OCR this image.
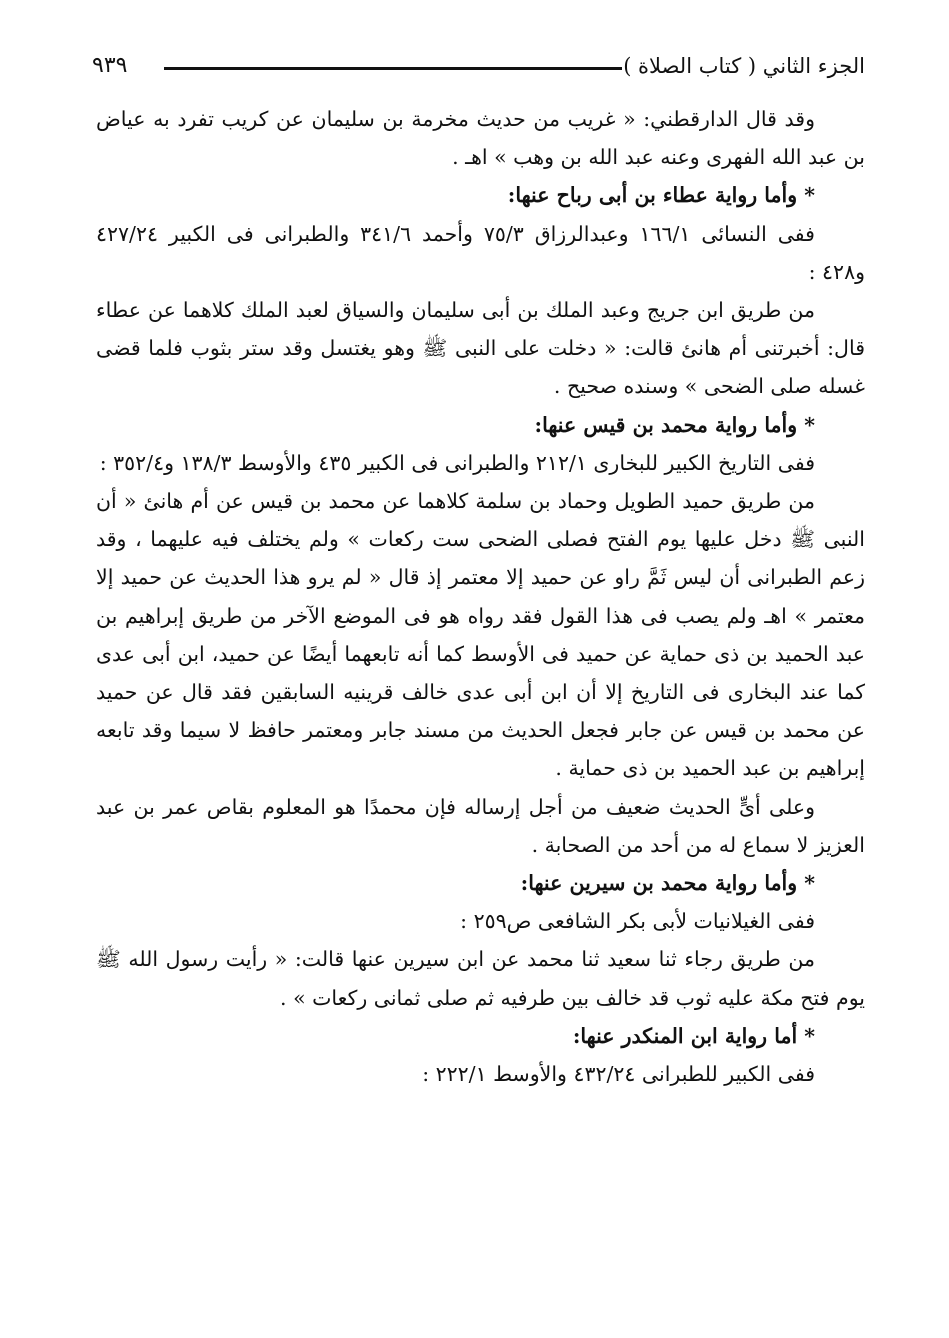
الجزء الثاني ( كتاب الصلاة )
٩٣٩

وقد قال الدارقطني: « غريب من حديث مخرمة بن سليمان عن كريب تفرد به عياض بن عبد الله الفهرى وعنه عبد الله بن وهب » اهـ .

* وأما رواية عطاء بن أبى رباح عنها:

ففى النسائى ١٦٦/١ وعبدالرزاق ٧٥/٣ وأحمد ٣٤١/٦ والطبرانى فى الكبير ٤٢٧/٢٤ و٤٢٨ :

من طريق ابن جريج وعبد الملك بن أبى سليمان والسياق لعبد الملك كلاهما عن عطاء قال: أخبرتنى أم هانئ قالت: « دخلت على النبى ﷺ وهو يغتسل وقد ستر بثوب فلما قضى غسله صلى الضحى » وسنده صحيح .

* وأما رواية محمد بن قيس عنها:

ففى التاريخ الكبير للبخارى ٢١٢/١ والطبرانى فى الكبير ٤٣٥ والأوسط ١٣٨/٣ و٣٥٢/٤ :

من طريق حميد الطويل وحماد بن سلمة كلاهما عن محمد بن قيس عن أم هانئ « أن النبى ﷺ دخل عليها يوم الفتح فصلى الضحى ست ركعات » ولم يختلف فيه عليهما ، وقد زعم الطبرانى أن ليس ثَمَّ راو عن حميد إلا معتمر إذ قال « لم يرو هذا الحديث عن حميد إلا معتمر » اهـ ولم يصب فى هذا القول فقد رواه هو فى الموضع الآخر من طريق إبراهيم بن عبد الحميد بن ذى حماية عن حميد فى الأوسط كما أنه تابعهما أيضًا عن حميد، ابن أبى عدى كما عند البخارى فى التاريخ إلا أن ابن أبى عدى خالف قرينيه السابقين فقد قال عن حميد عن محمد بن قيس عن جابر فجعل الحديث من مسند جابر ومعتمر حافظ لا سيما وقد تابعه إبراهيم بن عبد الحميد بن ذى حماية .

وعلى أىٍّ الحديث ضعيف من أجل إرساله فإن محمدًا هو المعلوم بقاص عمر بن عبد العزيز لا سماع له من أحد من الصحابة .

* وأما رواية محمد بن سيرين عنها:

ففى الغيلانيات لأبى بكر الشافعى ص٢٥٩ :

من طريق رجاء ثنا سعيد ثنا محمد عن ابن سيرين عنها قالت: « رأيت رسول الله ﷺ يوم فتح مكة عليه ثوب قد خالف بين طرفيه ثم صلى ثمانى ركعات » .

* أما رواية ابن المنكدر عنها:

ففى الكبير للطبرانى ٤٣٢/٢٤ والأوسط ٢٢٢/١ :
